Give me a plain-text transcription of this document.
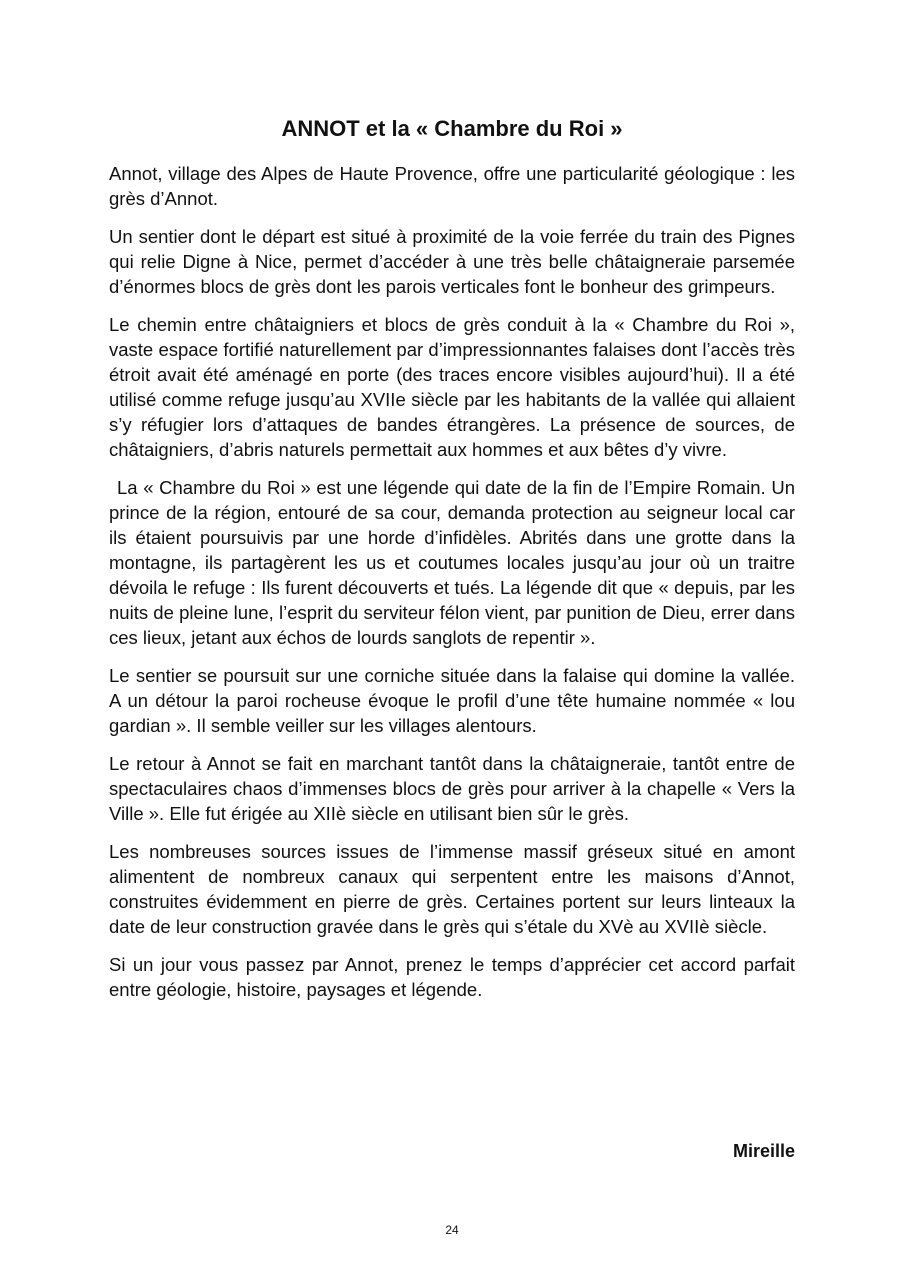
ANNOT et la « Chambre du Roi »

Annot, village des Alpes de Haute Provence, offre une particularité géologique : les grès d’Annot.

Un sentier dont le départ est situé à proximité de la voie ferrée du train des Pignes qui relie Digne à Nice, permet d’accéder à une très belle châtaigneraie parsemée d’énormes blocs de grès dont les parois verticales font le bonheur des grimpeurs.

Le chemin entre châtaigniers et blocs de grès conduit à la « Chambre du Roi », vaste espace fortifié naturellement par d’impressionnantes falaises dont l’accès très étroit avait été aménagé en porte (des traces encore visibles aujourd’hui). Il a été utilisé comme refuge jusqu’au XVIIe siècle par les habitants de la vallée qui allaient s’y réfugier lors d’attaques de bandes étrangères. La présence de sources, de châtaigniers, d’abris naturels permettait aux hommes et aux bêtes d’y vivre.

La « Chambre du Roi » est une légende qui date de la fin de l’Empire Romain. Un prince de la région, entouré de sa cour, demanda protection au seigneur local car ils étaient poursuivis par une horde d’infidèles. Abrités dans une grotte dans la montagne, ils partagèrent les us et coutumes locales jusqu’au jour où un traitre dévoila le refuge : Ils furent découverts et tués. La légende dit que « depuis, par les nuits de pleine lune, l’esprit du serviteur félon vient, par punition de Dieu, errer dans ces lieux, jetant aux échos de lourds sanglots de repentir ».

Le sentier se poursuit sur une corniche située dans la falaise qui domine la vallée. A un détour la paroi rocheuse évoque le profil d’une tête humaine nommée « lou gardian ». Il semble veiller sur les villages alentours.

Le retour à Annot se fait en marchant tantôt dans la châtaigneraie, tantôt entre de spectaculaires chaos d’immenses blocs de grès pour arriver à la chapelle « Vers la Ville ». Elle fut érigée au XIIè siècle en utilisant bien sûr le grès.

Les nombreuses sources issues de l’immense massif gréseux situé en amont alimentent de nombreux canaux qui serpentent entre les maisons d’Annot, construites évidemment en pierre de grès. Certaines portent sur leurs linteaux la date de leur construction gravée dans le grès qui s’étale du XVè au XVIIè siècle.

Si un jour vous passez par Annot, prenez le temps d’apprécier cet accord parfait entre géologie, histoire, paysages et légende.

Mireille

24
